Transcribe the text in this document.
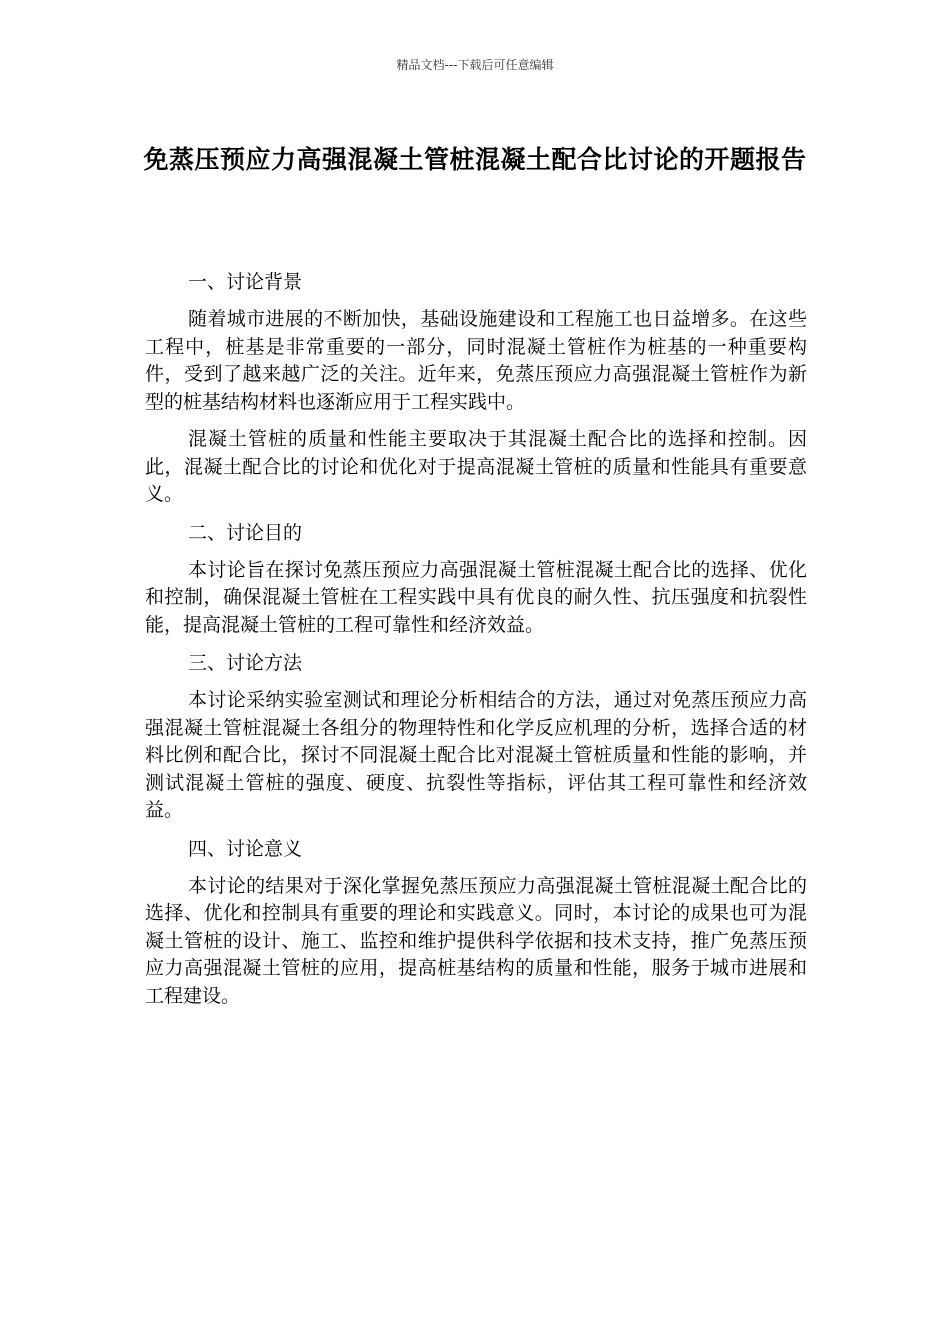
精品文档---下载后可任意编辑
免蒸压预应力高强混凝土管桩混凝土配合比讨论的开题报告
一、讨论背景

随着城市进展的不断加快，基础设施建设和工程施工也日益增多。在这些工程中，桩基是非常重要的一部分，同时混凝土管桩作为桩基的一种重要构件，受到了越来越广泛的关注。近年来，免蒸压预应力高强混凝土管桩作为新型的桩基结构材料也逐渐应用于工程实践中。

混凝土管桩的质量和性能主要取决于其混凝土配合比的选择和控制。因此，混凝土配合比的讨论和优化对于提高混凝土管桩的质量和性能具有重要意义。

二、讨论目的

本讨论旨在探讨免蒸压预应力高强混凝土管桩混凝土配合比的选择、优化和控制，确保混凝土管桩在工程实践中具有优良的耐久性、抗压强度和抗裂性能，提高混凝土管桩的工程可靠性和经济效益。

三、讨论方法

本讨论采纳实验室测试和理论分析相结合的方法，通过对免蒸压预应力高强混凝土管桩混凝土各组分的物理特性和化学反应机理的分析，选择合适的材料比例和配合比，探讨不同混凝土配合比对混凝土管桩质量和性能的影响，并测试混凝土管桩的强度、硬度、抗裂性等指标，评估其工程可靠性和经济效益。

四、讨论意义

本讨论的结果对于深化掌握免蒸压预应力高强混凝土管桩混凝土配合比的选择、优化和控制具有重要的理论和实践意义。同时，本讨论的成果也可为混凝土管桩的设计、施工、监控和维护提供科学依据和技术支持，推广免蒸压预应力高强混凝土管桩的应用，提高桩基结构的质量和性能，服务于城市进展和工程建设。
